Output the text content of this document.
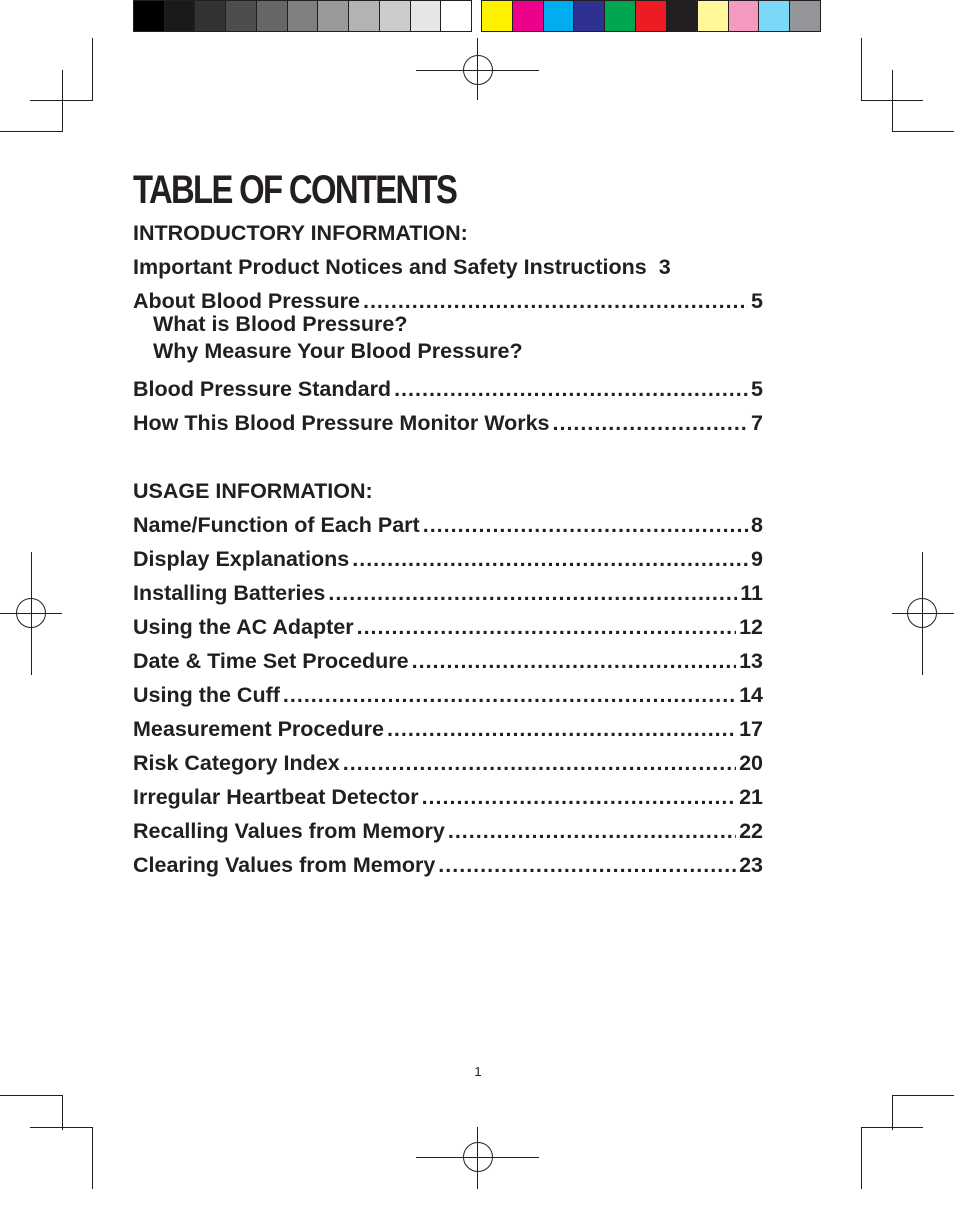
TABLE OF CONTENTS
INTRODUCTORY INFORMATION:
Important Product Notices and Safety Instructions 3
About Blood Pressure .....	5
What is Blood Pressure?
Why Measure Your Blood Pressure?
Blood Pressure Standard .....	5
How This Blood Pressure Monitor Works .....	7
USAGE INFORMATION:
Name/Function of Each Part .....	8
Display Explanations .....	9
Installing Batteries .....	11
Using the AC Adapter .....	12
Date & Time Set Procedure .....	13
Using the Cuff .....	14
Measurement Procedure .....	17
Risk Category Index .....	20
Irregular Heartbeat Detector .....	21
Recalling Values from Memory .....	22
Clearing Values from Memory .....	23
1
